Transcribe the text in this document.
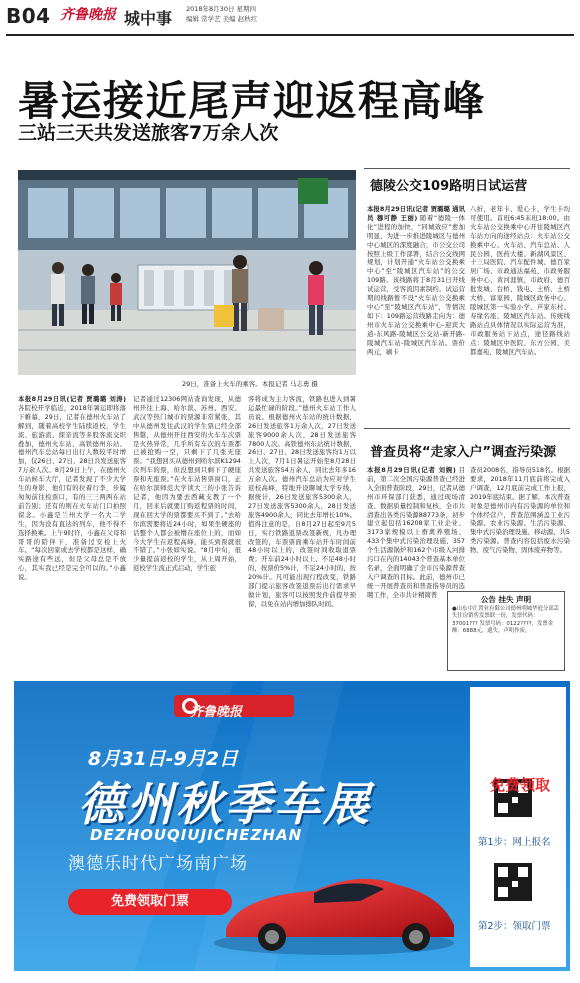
B04 齐鲁晚报 城中事 2018年8月30日 星期四
编辑 常学艺 美编 赵秋红
暑运接近尾声迎返程高峰
三站三天共发送旅客7万余人次
29日，准备上火车的乘客。本报记者 马志勇 摄
本报8月29日讯(记者 贾璐璐 刘涛) 各院校开学临近，2018年暑运即将落下帷幕，29日，记者在德州火车站了解到，随着高校学生陆续返校，学生流、旅游流、探亲流等多股客流交织叠加，德州火车站、高铁德州东站、德州汽车总站每日出行人数较平时增加，仅26日、27日、28日共发送旅客7万余人次。8月29日上午，在德州火车站候车大厅，记者发现了不少大学生的身影，他们有的拉着行李，步履匆匆前往检票口，有的三三两两在站前告别；还有的则在火车站门口拍照留念。小鑫是兰州大学一名大二学生，因为没有直达的列车，他不得不选择换乘。上午9时许，小鑫在父母和哥哥的陪伴下，准备过安检上火车。“每次回家或去学校都是这样，确实路途有些远，但是父母总是不放心，其实我已经是完全可以的。”小鑫说。
记者通过12306网站查询发现，从德州开往上海、哈尔滨、苏州、西安、武汉等热门城市的票源非常紧张，其中从德州发往武汉的学生票已经全部售罄，从德州开往西安的火车车次票是火热异常，几乎所有车次的车票都已被抢购一空，只剩下了几张无座票。“我想回买从德州到哈尔滨K1294次列车的票，但没想到只剩下了硬座票和无座票。”在火车站售票窗口，正在哈尔滨师范大学读大三的小张告诉记者，他因为要去西藏支教了一个月，回来后就要订购返程票的时间，现在回大学的票都要买不到了。”去哈尔滨需要将近24小时，如果坐硬座的话整个人都会被懵在座位上的，而如今大学生在返程高峰，能买到票就很不错了。”小张如实说。“8月中旬，很少量提前返校的学生，从上周开始，返校学生流正式启动，学生旅
客将成为主力客流，铁路也进入到暑运最忙碌的阶段。”德州火车站工作人员说。根据德州火车站的统计数据，26日发送旅客1万余人次，27日发送旅客9000余人次，28日发送旅客7800人次。高铁德州东站统计数据，26日、27日、28日发送旅客均1万以上人次，7月1日暑运开始至8月28日共发送旅客54万余人，同比去年多16万余人次。德州汽车总站为应对学生返校高峰，特地开设聊城大学专线，据统计，26日发送旅客5300余人，27日发送旅客5300余人，28日发送旅客4900余人，同比去年增长10%。值得注意的是，自8月27日起至9月5日，实行铁路退票改签新规，凡办理改签的，车票票面乘车站开车时间前48小时以上的，改签时间收取退票费；开车前24小时以上、不足48小时的，按票价5%计，不足24小时的，按20%计。凡可能出现行程改变，铁路部门提示旅客改签退票后出行需求早做计划，旅客可以按照发件前提早预留，以免在站内增加排队时间。
德陵公交109路明日试运营
本报8月29日讯(记者 贾璐璐 通讯员 穆可静 王丽) 随着“德陵一体化”进程的加快，“同城效应”愈加明显，为进一步推进陵城区与德州中心城区的深度融合，市公交公司按照上级工作部署，结合公交线网规划，计划开通“火车站公交换乘中心”至“陵城区汽车站”的公交109路。该线路将于8月31日开线试运营，受客流因素制约，试运营期间线路暂不设“火车站公交换乘中心”至“陵城区汽车站”，等情况如下：109路运营线路走向为：德州市火车站公交换乘中心-迎宾大道-东风路-陵城区公交站-新开路-陵城汽车站-陵城区汽车站。票价两元，刷卡
八折，老年卡、爱心卡、学生卡均可使用。首班6:45末班18:00。由火车站公交换乘中心开往陵城区汽车站方向的途经站点：火车站公交换乘中心、火车站、汽车总站、人民公园、医药大楼、新湖风景区、十三局医院、汽车配件城、德百家居广场、市政通达福苑、市政务服务中心、黄河涯镇、市政府、德百批发城、台桥、钱屯、土桥、土桥大桥、富家园、陵城区政务中心、陵城区第一实验小学、芦家东村、寿缘名座、陵城区汽车站。传统线路站点具体情况以实际运营为准，市政服务站下站点，途径路线站点：陵城区中医院、东方公园、美都嘉苑、陵城区汽车站。
普查员将“走家入户”调查污染源
本报8月29日讯(记者 刘婉) 目前，第二次全国污染源普查已经进入全面普查阶段，29日，记者从德州市环保部门获悉，通过现场清查、数据质量控制和复核，全市共清查出各类污染源88773条，初步建立起包括16208家工业企业、3173家规模以上畜禽养殖场、433个集中式污染治理设施、357个生活源锅炉和162个市级入河排污口在内的14043个普查基本单位名录，全面明确了全市污染源普查入户调查的目标。此前，德州市已统一开展普查员和普查指导员的选聘工作，全市共计精简普
查员2008名，指导员518名。根据要求，2018年11月底前将完成入户调查，12月底前完成工作上报，2019年底结束。据了解，本次普查对象是德州市内有污染源的单位和个体经营户，普查范围涵盖工业污染源、农业污染源、生活污染源、集中式污染治理设施、移动源、共5类污染源。普查内容包括废水污染物、废气污染物、固体废弃物等。
公告 挂失 声明
●山东中汇置业有限公司德州明城华庭分部丢失住房销售发票联一份，发票代码：37001??? 发票号码：0122????，发票金额：6888元，遗失，声明作废。
齐鲁晚报
8月31日-9月2日
德州秋季车展
DEZHOUQIUJICHEZHAN
澳德乐时代广场南广场
免费领取门票
免费领取
第1步：网上报名
第2步：领取门票
